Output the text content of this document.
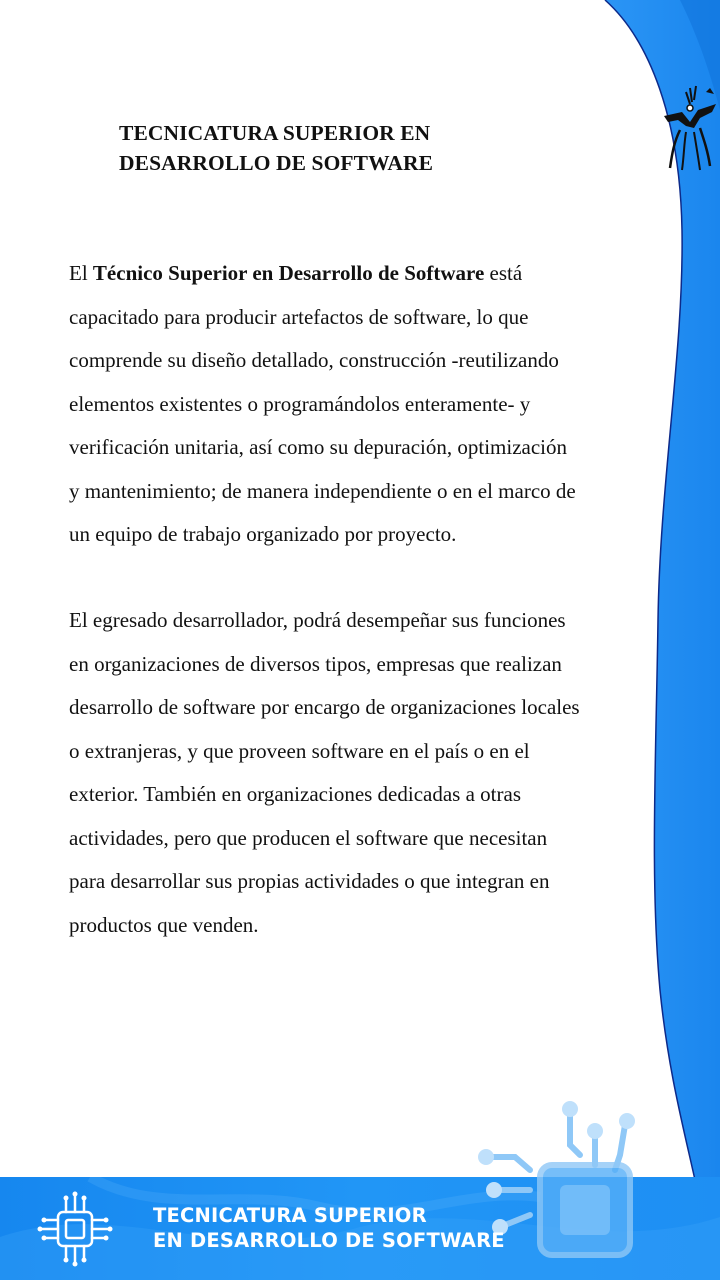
TECNICATURA SUPERIOR EN
DESARROLLO DE SOFTWARE
El Técnico Superior en Desarrollo de Software está
capacitado para producir artefactos de software, lo que
comprende su diseño detallado, construcción -reutilizando
elementos existentes o programándolos enteramente- y
verificación unitaria, así como su depuración, optimización
y mantenimiento; de manera independiente o en el marco de
un equipo de trabajo organizado por proyecto.
El egresado desarrollador, podrá desempeñar sus funciones
en organizaciones de diversos tipos, empresas que realizan
desarrollo de software por encargo de organizaciones locales
o extranjeras, y que proveen software en el país o en el
exterior. También en organizaciones dedicadas a otras
actividades, pero que producen el software que necesitan
para desarrollar sus propias actividades o que integran en
productos que venden.
TECNICATURA SUPERIOR
EN DESARROLLO DE SOFTWARE
